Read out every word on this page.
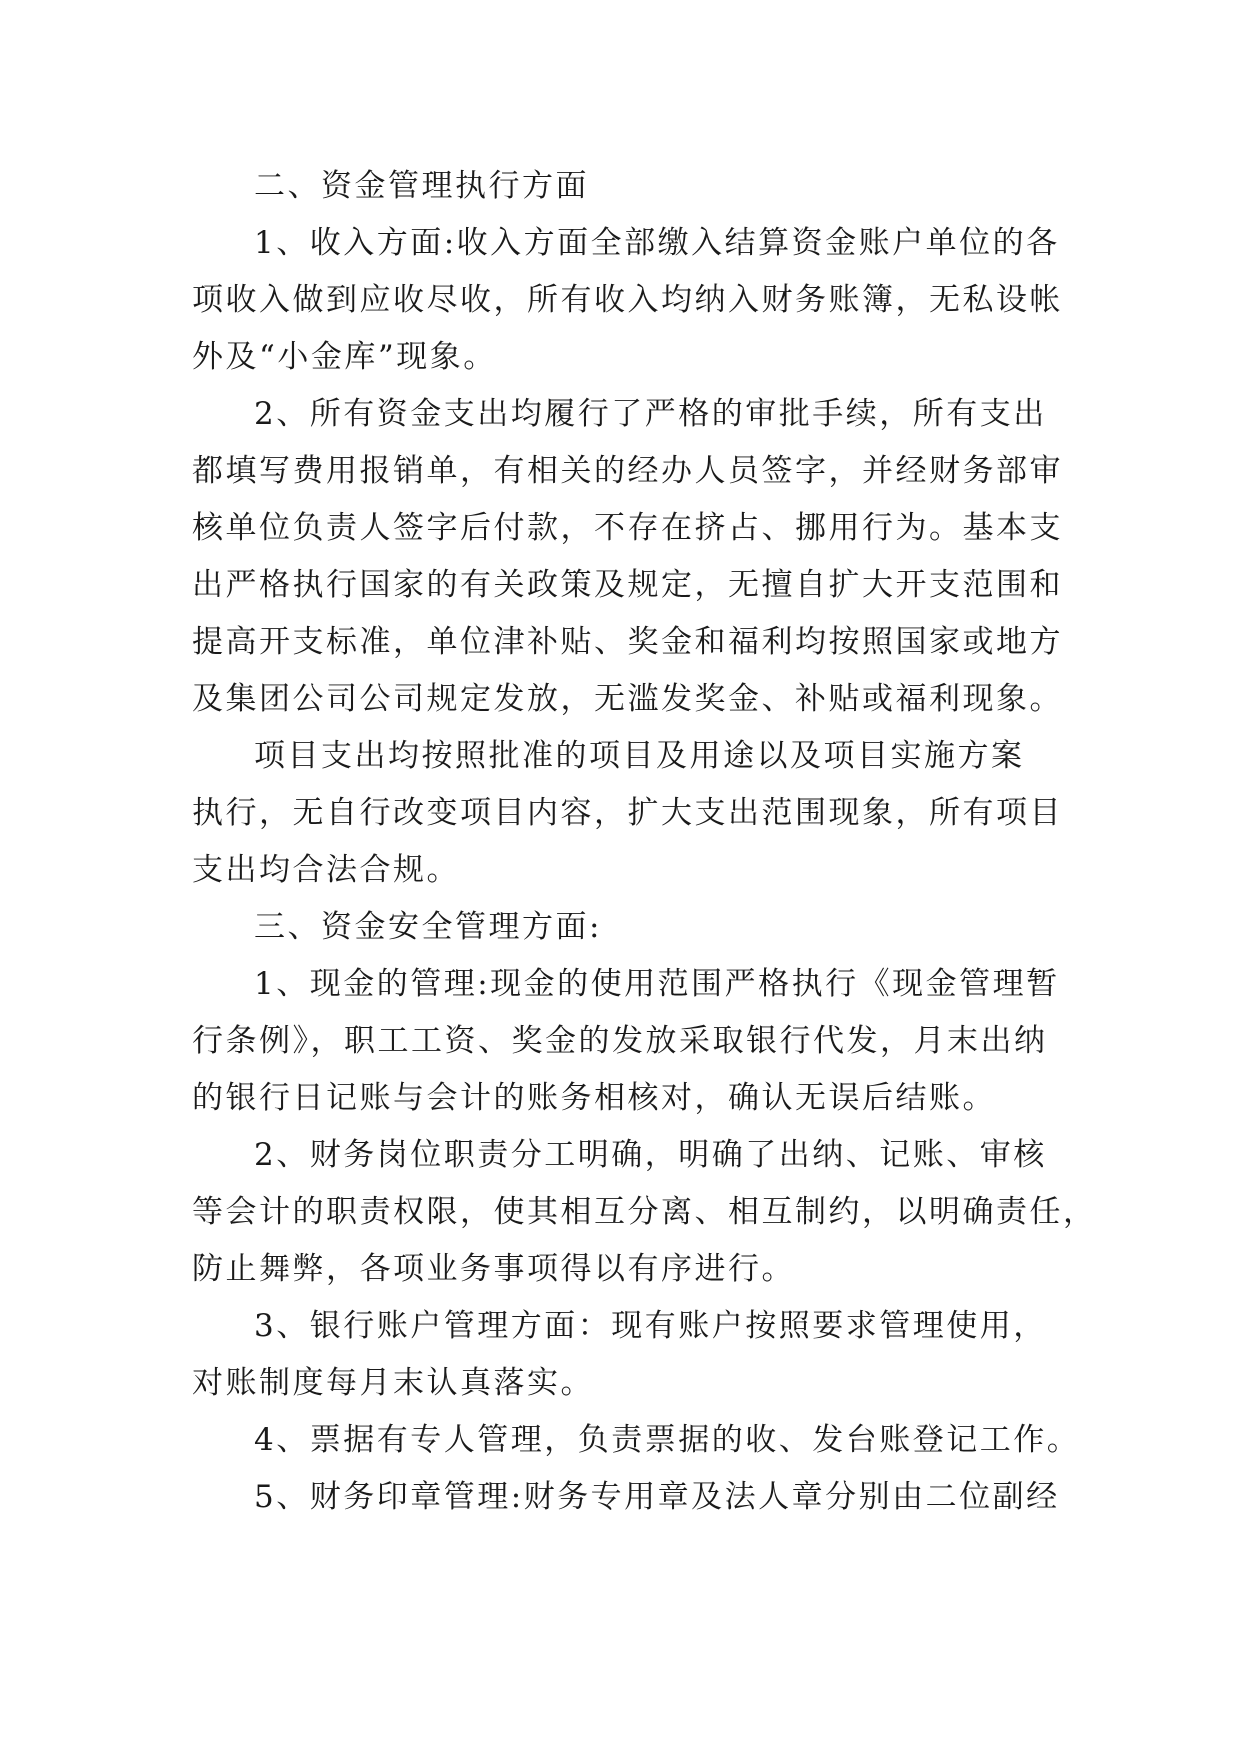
二、资金管理执行方面
1、收入方面:收入方面全部缴入结算资金账户单位的各
项收入做到应收尽收，所有收入均纳入财务账簿，无私设帐
外及“小金库”现象。
2、所有资金支出均履行了严格的审批手续，所有支出
都填写费用报销单，有相关的经办人员签字，并经财务部审
核单位负责人签字后付款，不存在挤占、挪用行为。基本支
出严格执行国家的有关政策及规定，无擅自扩大开支范围和
提高开支标准，单位津补贴、奖金和福利均按照国家或地方
及集团公司公司规定发放，无滥发奖金、补贴或福利现象。
项目支出均按照批准的项目及用途以及项目实施方案
执行，无自行改变项目内容，扩大支出范围现象，所有项目
支出均合法合规。
三、资金安全管理方面:
1、现金的管理:现金的使用范围严格执行《现金管理暂
行条例》，职工工资、奖金的发放采取银行代发，月末出纳
的银行日记账与会计的账务相核对，确认无误后结账。
2、财务岗位职责分工明确，明确了出纳、记账、审核
等会计的职责权限，使其相互分离、相互制约，以明确责任，
防止舞弊，各项业务事项得以有序进行。
3、银行账户管理方面：现有账户按照要求管理使用，
对账制度每月末认真落实。
4、票据有专人管理，负责票据的收、发台账登记工作。
5、财务印章管理:财务专用章及法人章分别由二位副经
